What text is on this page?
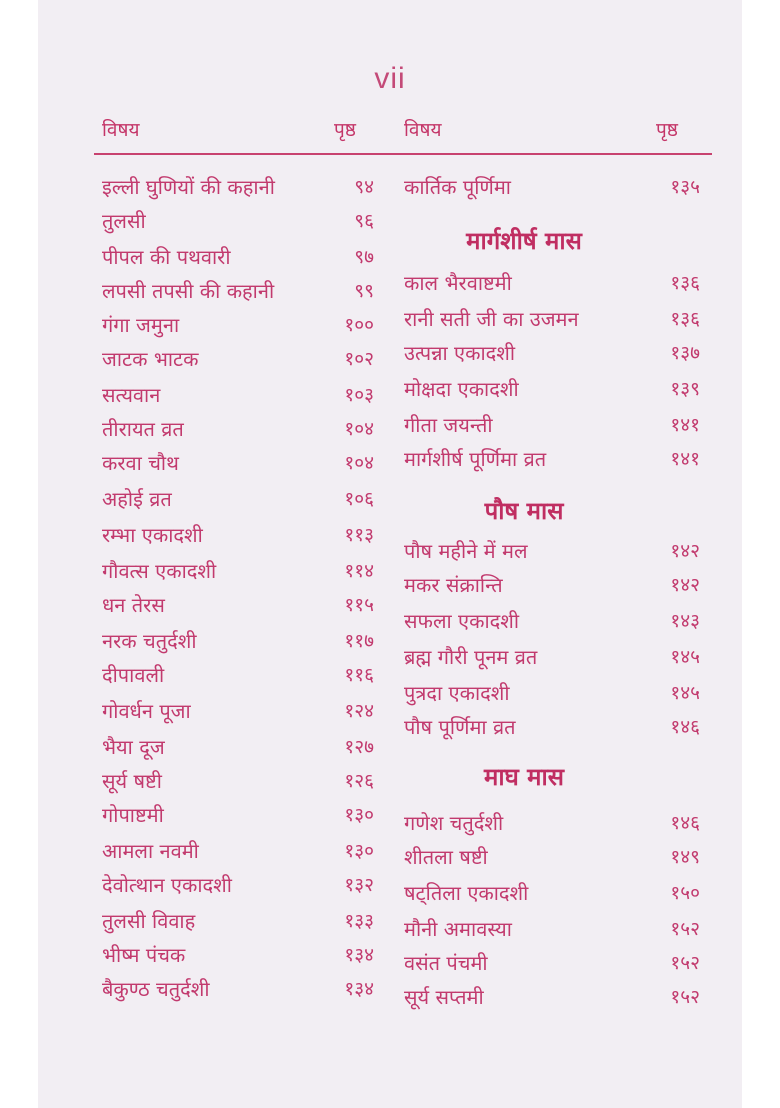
vii
विषय	पृष्ठ	विषय	पृष्ठ
इल्ली घुणियों की कहानी	९४
तुलसी	९६
पीपल की पथवारी	९७
लपसी तपसी की कहानी	९९
गंगा जमुना	१००
जाटक भाटक	१०२
सत्यवान	१०३
तीरायत व्रत	१०४
करवा चौथ	१०४
अहोई व्रत	१०६
रम्भा एकादशी	११३
गौवत्स एकादशी	११४
धन तेरस	११५
नरक चतुर्दशी	११७
दीपावली	११६
गोवर्धन पूजा	१२४
भैया दूज	१२७
सूर्य षष्टी	१२६
गोपाष्टमी	१३०
आमला नवमी	१३०
देवोत्थान एकादशी	१३२
तुलसी विवाह	१३३
भीष्म पंचक	१३४
बैकुण्ठ चतुर्दशी	१३४
कार्तिक पूर्णिमा	१३५
मार्गशीर्ष मास
काल भैरवाष्टमी	१३६
रानी सती जी का उजमन	१३६
उत्पन्ना एकादशी	१३७
मोक्षदा एकादशी	१३९
गीता जयन्ती	१४१
मार्गशीर्ष पूर्णिमा व्रत	१४१
पौष मास
पौष महीने में मल	१४२
मकर संक्रान्ति	१४२
सफला एकादशी	१४३
ब्रह्म गौरी पूनम व्रत	१४५
पुत्रदा एकादशी	१४५
पौष पूर्णिमा व्रत	१४६
माघ मास
गणेश चतुर्दशी	१४६
शीतला षष्टी	१४९
षट्तिला एकादशी	१५०
मौनी अमावस्या	१५२
वसंत पंचमी	१५२
सूर्य सप्तमी	१५२
